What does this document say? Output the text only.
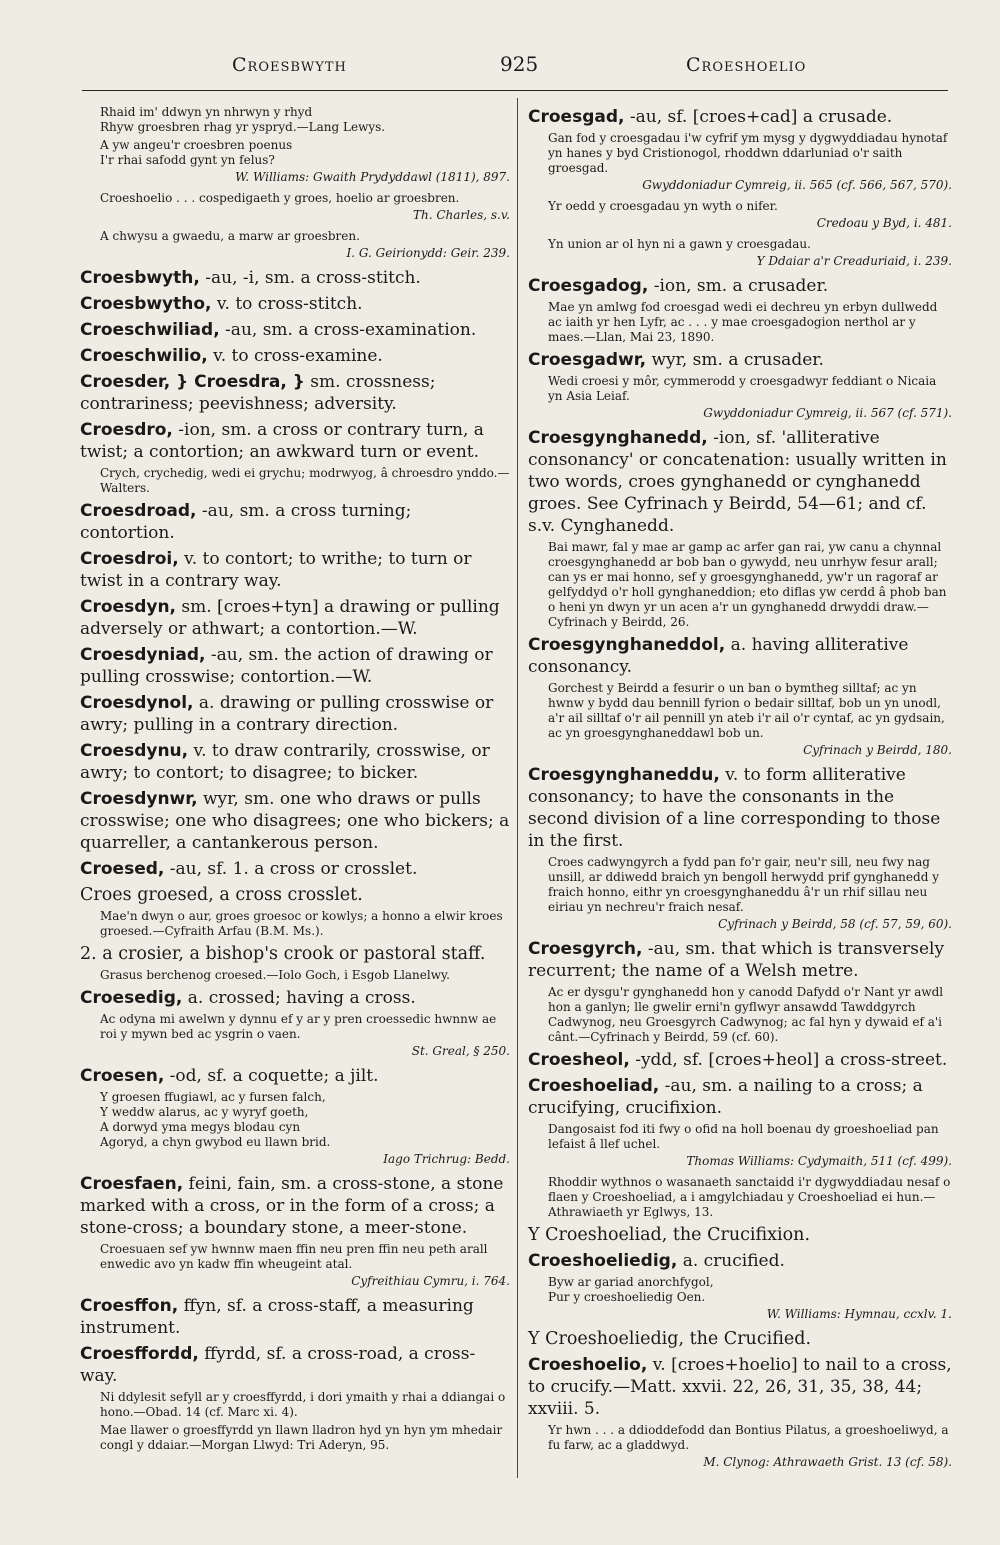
Croesbwyth	925	Croeshoelio
Rhaid im' ddwyn yn nhrwyn y rhyd
Rhyw groesbren rhag yr yspryd.—Lang Lewys.
A yw angeu'r croesbren poenus
I'r rhai safodd gynt yn felus?
W. Williams: Gwaith Prydyddawl (1811), 897.
Croeshoelio . . . cospedigaeth y groes, hoelio ar groesbren.
Th. Charles, s.v.
A chwysu a gwaedu, a marw ar groesbren.
I. G. Geirionydd: Geir. 239.
Croesbwyth, -au, -i, sm. a cross-stitch.
Croesbwytho, v. to cross-stitch.
Croeschwiliad, -au, sm. a cross-examination.
Croeschwilio, v. to cross-examine.
Croesder, } Croesdra, } sm. crossness; contrariness; peevishness; adversity.
Croesdro, -ion, sm. a cross or contrary turn, a twist; a contortion; an awkward turn or event.
Crych, crychedig, wedi ei grychu; modrwyog, â chroesdro ynddo.—Walters.
Croesdroad, -au, sm. a cross turning; contortion.
Croesdroi, v. to contort; to writhe; to turn or twist in a contrary way.
Croesdyn, sm. [croes+tyn] a drawing or pulling adversely or athwart; a contortion.—W.
Croesdyniad, -au, sm. the action of drawing or pulling crosswise; contortion.—W.
Croesdynol, a. drawing or pulling crosswise or awry; pulling in a contrary direction.
Croesdynu, v. to draw contrarily, crosswise, or awry; to contort; to disagree; to bicker.
Croesdynwr, wyr, sm. one who draws or pulls crosswise; one who disagrees; one who bickers; a quarreller, a cantankerous person.
Croesed, -au, sf. 1. a cross or crosslet.
Croes groesed, a cross crosslet.
Mae'n dwyn o aur, groes groesoc or kowlys; a honno a elwir kroes groesed.—Cyfraith Arfau (B.M. Ms.).
2. a crosier, a bishop's crook or pastoral staff.
Grasus berchenog croesed.—Iolo Goch, i Esgob Llanelwy.
Croesedig, a. crossed; having a cross.
Ac odyna mi awelwn y dynnu ef y ar y pren croessedic hwnnw ae roi y mywn bed ac ysgrin o vaen.
St. Greal, § 250.
Croesen, -od, sf. a coquette; a jilt.
Y groesen ffugiawl, ac y fursen falch,
Y weddw alarus, ac y wyryf goeth,
A dorwyd yma megys blodau cyn
Agoryd, a chyn gwybod eu llawn brid.
Iago Trichrug: Bedd.
Croesfaen, feini, fain, sm. a cross-stone, a stone marked with a cross, or in the form of a cross; a stone-cross; a boundary stone, a meer-stone.
Croesuaen sef yw hwnnw maen ffin neu pren ffin neu peth arall enwedic avo yn kadw ffin wheugeint atal.
Cyfreithiau Cymru, i. 764.
Croesffon, ffyn, sf. a cross-staff, a measuring instrument.
Croesffordd, ffyrdd, sf. a cross-road, a cross-way.
Ni ddylesit sefyll ar y croesffyrdd, i dori ymaith y rhai a ddiangai o hono.—Obad. 14 (cf. Marc xi. 4).
Mae llawer o groesffyrdd yn llawn lladron hyd yn hyn ym mhedair congl y ddaiar.—Morgan Llwyd: Tri Aderyn, 95.
Croesgad, -au, sf. [croes+cad] a crusade.
Gan fod y croesgadau i'w cyfrif ym mysg y dygwyddiadau hynotaf yn hanes y byd Cristionogol, rhoddwn ddarluniad o'r saith groesgad.
Gwyddoniadur Cymreig, ii. 565 (cf. 566, 567, 570).
Yr oedd y croesgadau yn wyth o nifer.
Credoau y Byd, i. 481.
Yn union ar ol hyn ni a gawn y croesgadau.
Y Ddaiar a'r Creaduriaid, i. 239.
Croesgadog, -ion, sm. a crusader.
Mae yn amlwg fod croesgad wedi ei dechreu yn erbyn dullwedd ac iaith yr hen Lyfr, ac . . . y mae croesgadogion nerthol ar y maes.—Llan, Mai 23, 1890.
Croesgadwr, wyr, sm. a crusader.
Wedi croesi y môr, cymmerodd y croesgadwyr feddiant o Nicaia yn Asia Leiaf.
Gwyddoniadur Cymreig, ii. 567 (cf. 571).
Croesgynghanedd, -ion, sf. 'alliterative consonancy' or concatenation: usually written in two words, croes gynghanedd or cynghanedd groes. See Cyfrinach y Beirdd, 54—61; and cf. s.v. Cynghanedd.
Bai mawr, fal y mae ar gamp ac arfer gan rai, yw canu a chynnal croesgynghanedd ar bob ban o gywydd, neu unrhyw fesur arall; can ys er mai honno, sef y groesgynghanedd, yw'r un ragoraf ar gelfyddyd o'r holl gynghaneddion; eto diflas yw cerdd â phob ban o heni yn dwyn yr un acen a'r un gynghanedd drwyddi draw.—Cyfrinach y Beirdd, 26.
Croesgynghaneddol, a. having alliterative consonancy.
Gorchest y Beirdd a fesurir o un ban o bymtheg silltaf; ac yn hwnw y bydd dau bennill fyrion o bedair silltaf, bob un yn unodl, a'r ail silltaf o'r ail pennill yn ateb i'r ail o'r cyntaf, ac yn gydsain, ac yn groesgynghaneddawl bob un.
Cyfrinach y Beirdd, 180.
Croesgynghaneddu, v. to form alliterative consonancy; to have the consonants in the second division of a line corresponding to those in the first.
Croes cadwyngyrch a fydd pan fo'r gair, neu'r sill, neu fwy nag unsill, ar ddiwedd braich yn bengoll herwydd prif gynghanedd y fraich honno, eithr yn croesgynghaneddu â'r un rhif sillau neu eiriau yn nechreu'r fraich nesaf.
Cyfrinach y Beirdd, 58 (cf. 57, 59, 60).
Croesgyrch, -au, sm. that which is transversely recurrent; the name of a Welsh metre.
Ac er dysgu'r gynghanedd hon y canodd Dafydd o'r Nant yr awdl hon a ganlyn; lle gwelir erni'n gyflwyr ansawdd Tawddgyrch Cadwynog, neu Groesgyrch Cadwynog; ac fal hyn y dywaid ef a'i cânt.—Cyfrinach y Beirdd, 59 (cf. 60).
Croesheol, -ydd, sf. [croes+heol] a cross-street.
Croeshoeliad, -au, sm. a nailing to a cross; a crucifying, crucifixion.
Dangosaist fod iti fwy o ofid na holl boenau dy groeshoeliad pan lefaist â llef uchel.
Thomas Williams: Cydymaith, 511 (cf. 499).
Rhoddir wythnos o wasanaeth sanctaidd i'r dygwyddiadau nesaf o flaen y Croeshoeliad, a i amgylchiadau y Croeshoeliad ei hun.—Athrawiaeth yr Eglwys, 13.
Y Croeshoeliad, the Crucifixion.
Croeshoeliedig, a. crucified.
Byw ar gariad anorchfygol,
Pur y croeshoeliedig Oen.
W. Williams: Hymnau, ccxlv. 1.
Y Croeshoeliedig, the Crucified.
Croeshoelio, v. [croes+hoelio] to nail to a cross, to crucify.—Matt. xxvii. 22, 26, 31, 35, 38, 44; xxviii. 5.
Yr hwn . . . a ddioddefodd dan Bontius Pilatus, a groeshoeliwyd, a fu farw, ac a gladdwyd.
M. Clynog: Athrawaeth Grist. 13 (cf. 58).
